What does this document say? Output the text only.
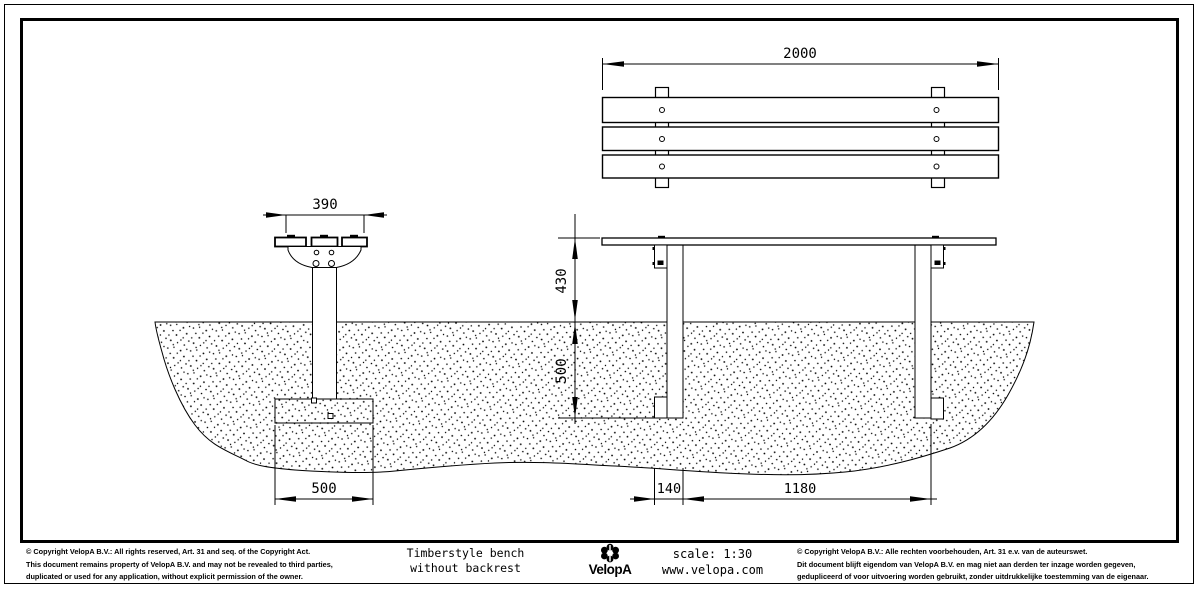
2000
390
500
430
500
140	1180
© Copyright VelopA B.V.: All rights reserved, Art. 31 and seq. of the Copyright Act.
This document remains property of VelopA B.V. and may not be revealed to third parties,
duplicated or used for any application, without explicit permission of the owner.
Timberstyle bench
without backrest	VelopA
scale: 1:30
www.velopa.com
© Copyright VelopA B.V.: Alle rechten voorbehouden, Art. 31 e.v. van de auteurswet.
Dit document blijft eigendom van VelopA B.V. en mag niet aan derden ter inzage worden gegeven,
gedupliceerd of voor uitvoering worden gebruikt, zonder uitdrukkelijke toestemming van de eigenaar.
